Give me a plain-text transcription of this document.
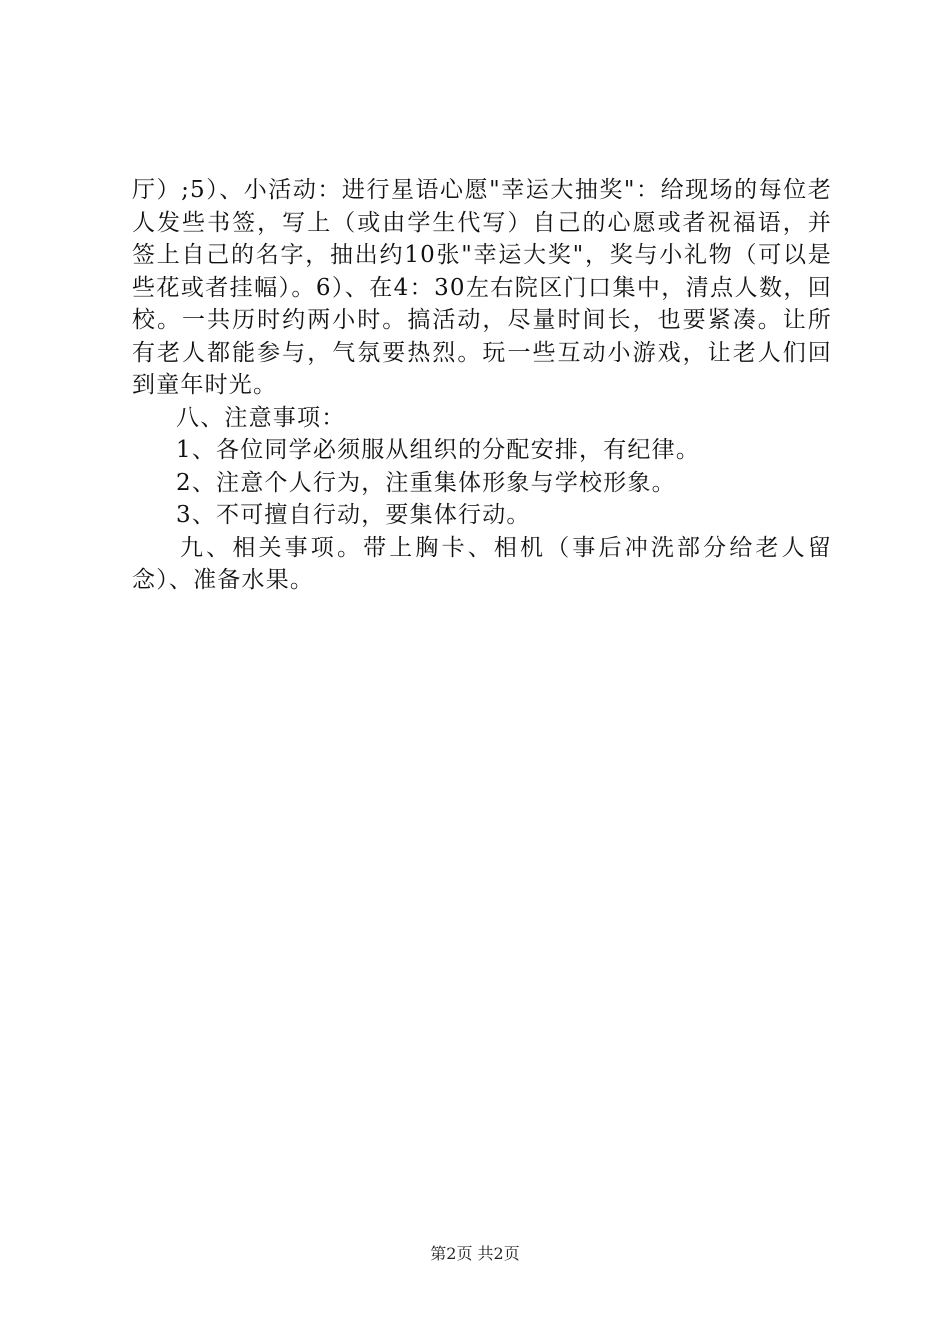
厅）;5）、小活动：进行星语心愿"幸运大抽奖"：给现场的每位老人发些书签，写上（或由学生代写）自己的心愿或者祝福语，并签上自己的名字，抽出约10张"幸运大奖"，奖与小礼物（可以是些花或者挂幅）。6）、在4：30左右院区门口集中，清点人数，回校。一共历时约两小时。搞活动，尽量时间长，也要紧凑。让所有老人都能参与，气氛要热烈。玩一些互动小游戏，让老人们回到童年时光。

八、注意事项：

1、各位同学必须服从组织的分配安排，有纪律。

2、注意个人行为，注重集体形象与学校形象。

3、不可擅自行动，要集体行动。

九、相关事项。带上胸卡、相机（事后冲洗部分给老人留念）、准备水果。

第2页 共2页
